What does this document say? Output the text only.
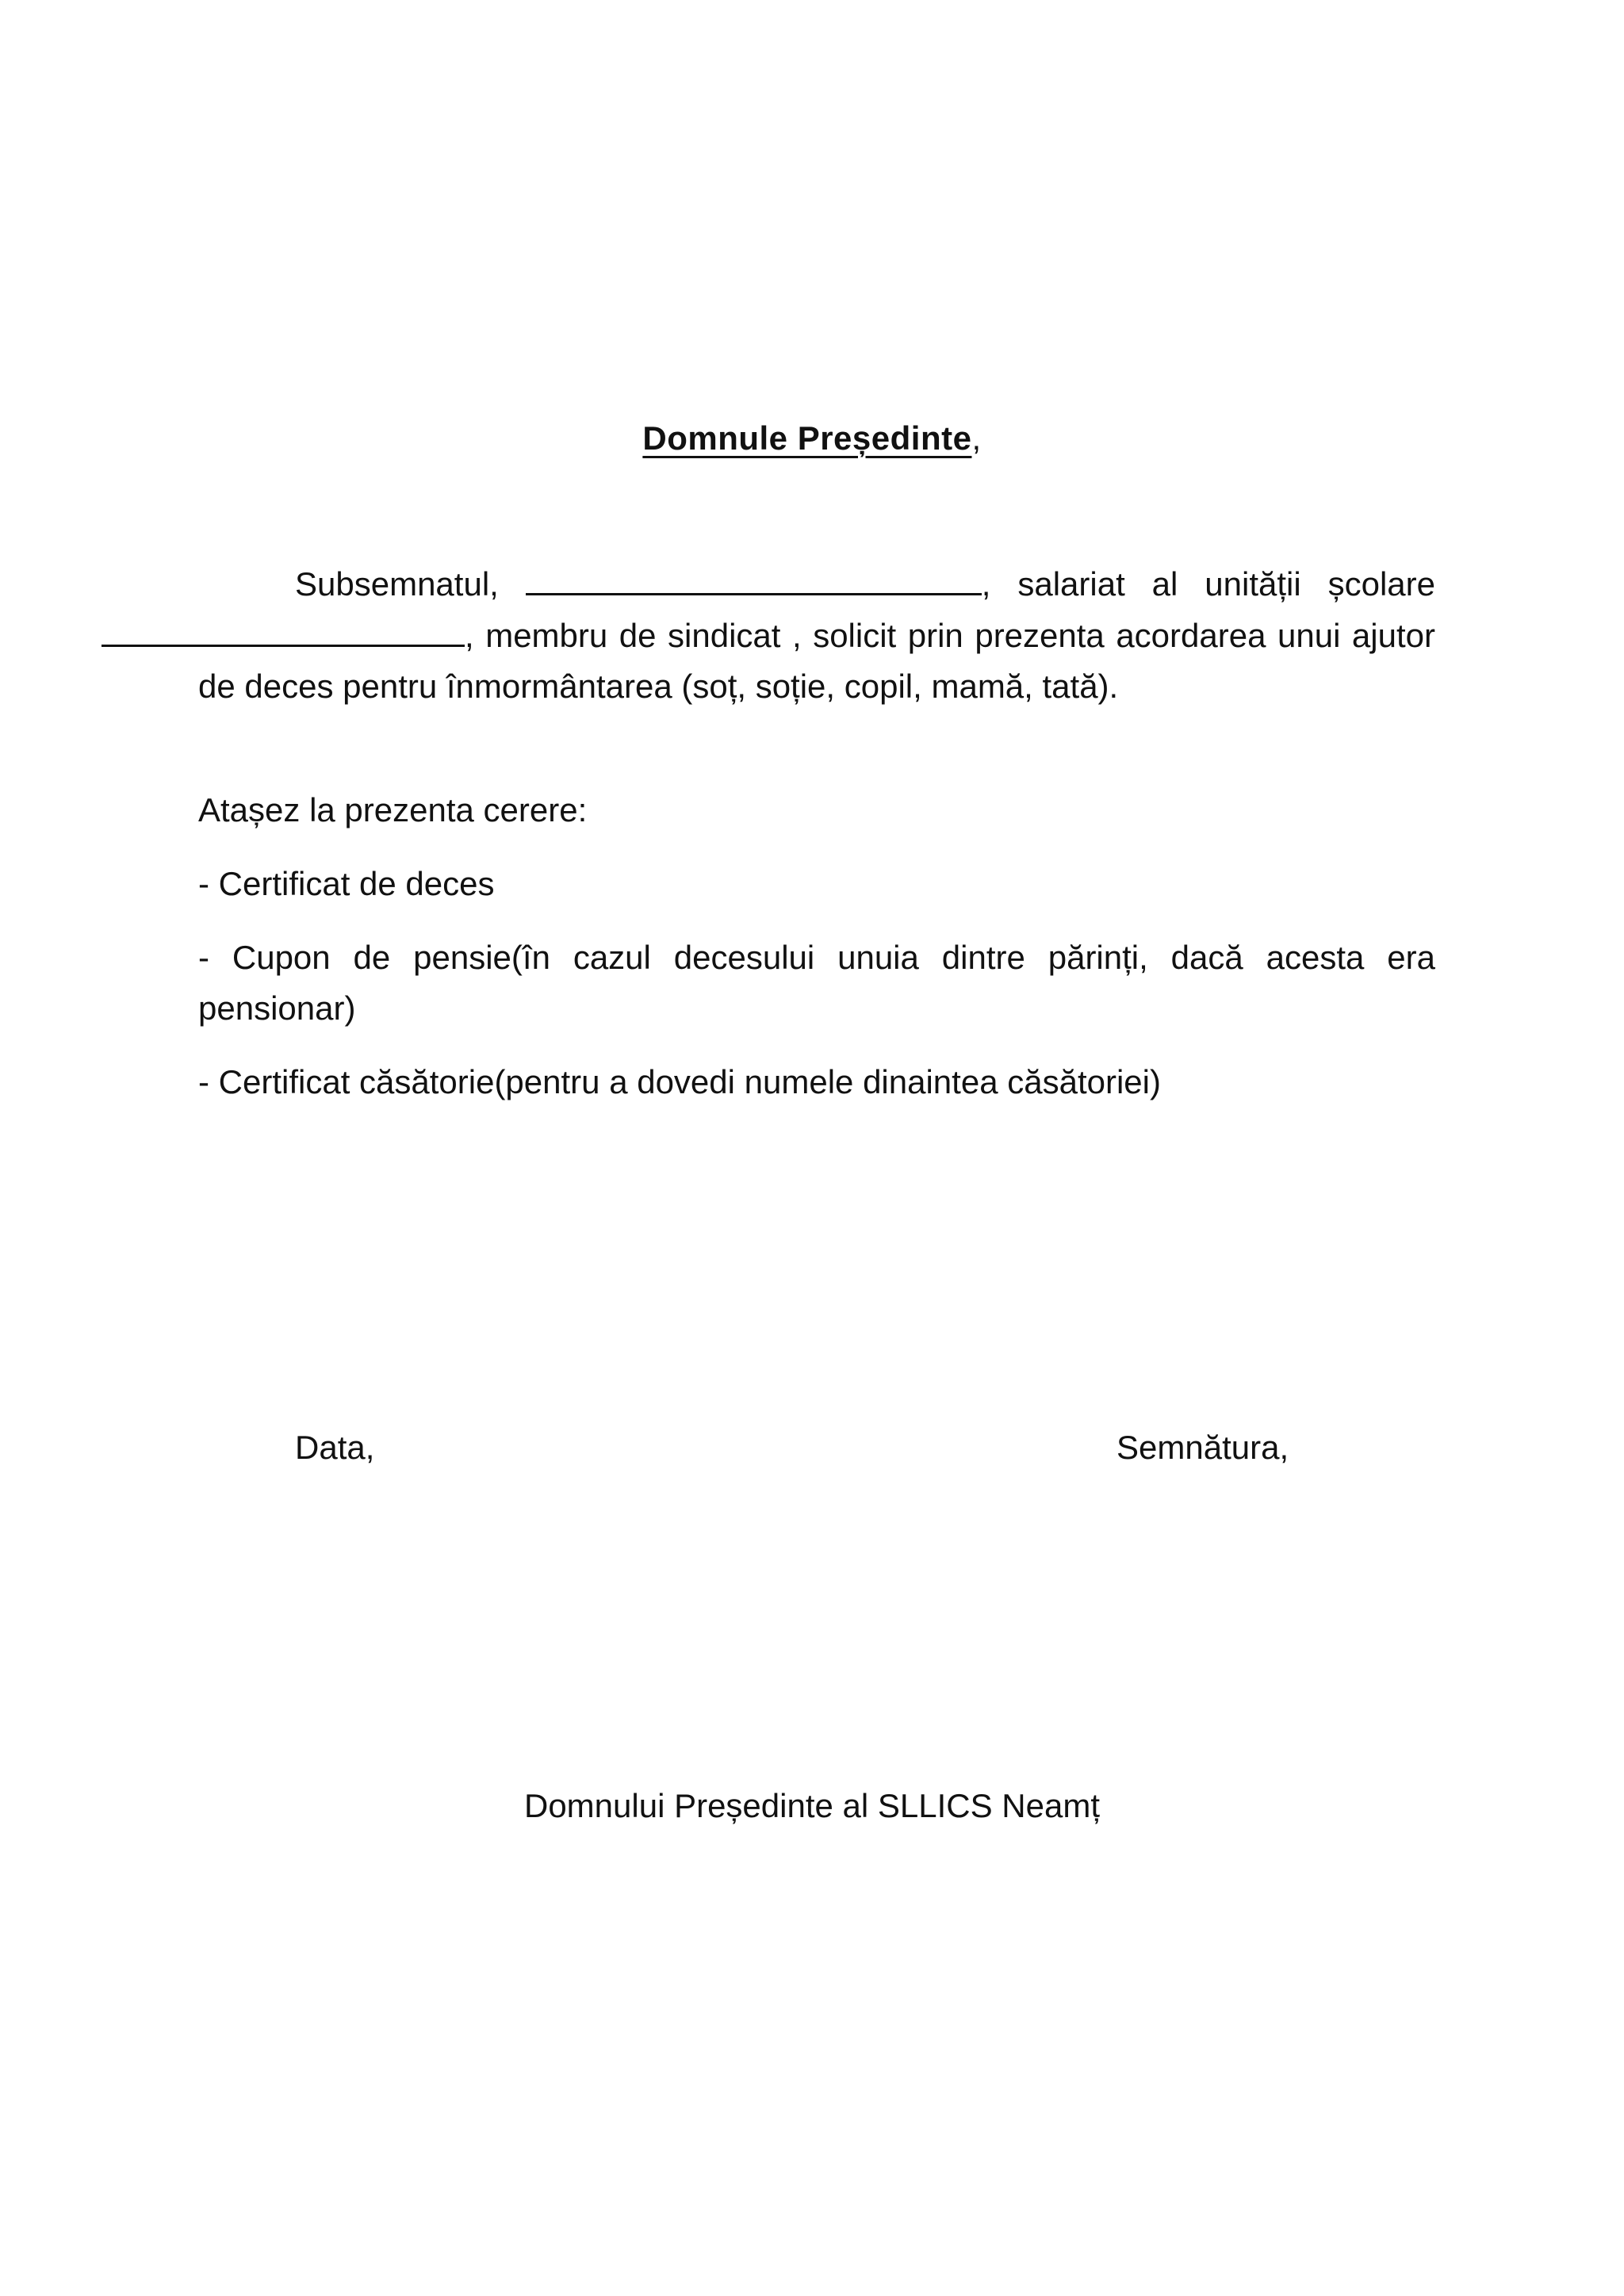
Domnule Președinte,
Subsemnatul,	, salariat al unității școlare , membru de sindicat , solicit prin prezenta acordarea unui ajutor de deces pentru înmormântarea (soț, soție, copil, mamă, tată).
Atașez la prezenta cerere:
- Certificat de deces
- Cupon de pensie(în cazul decesului unuia dintre părinți, dacă acesta era pensionar)
- Certificat căsătorie(pentru a dovedi numele dinaintea căsătoriei)
Data,	Semnătura,
Domnului Președinte al SLLICS Neamț
